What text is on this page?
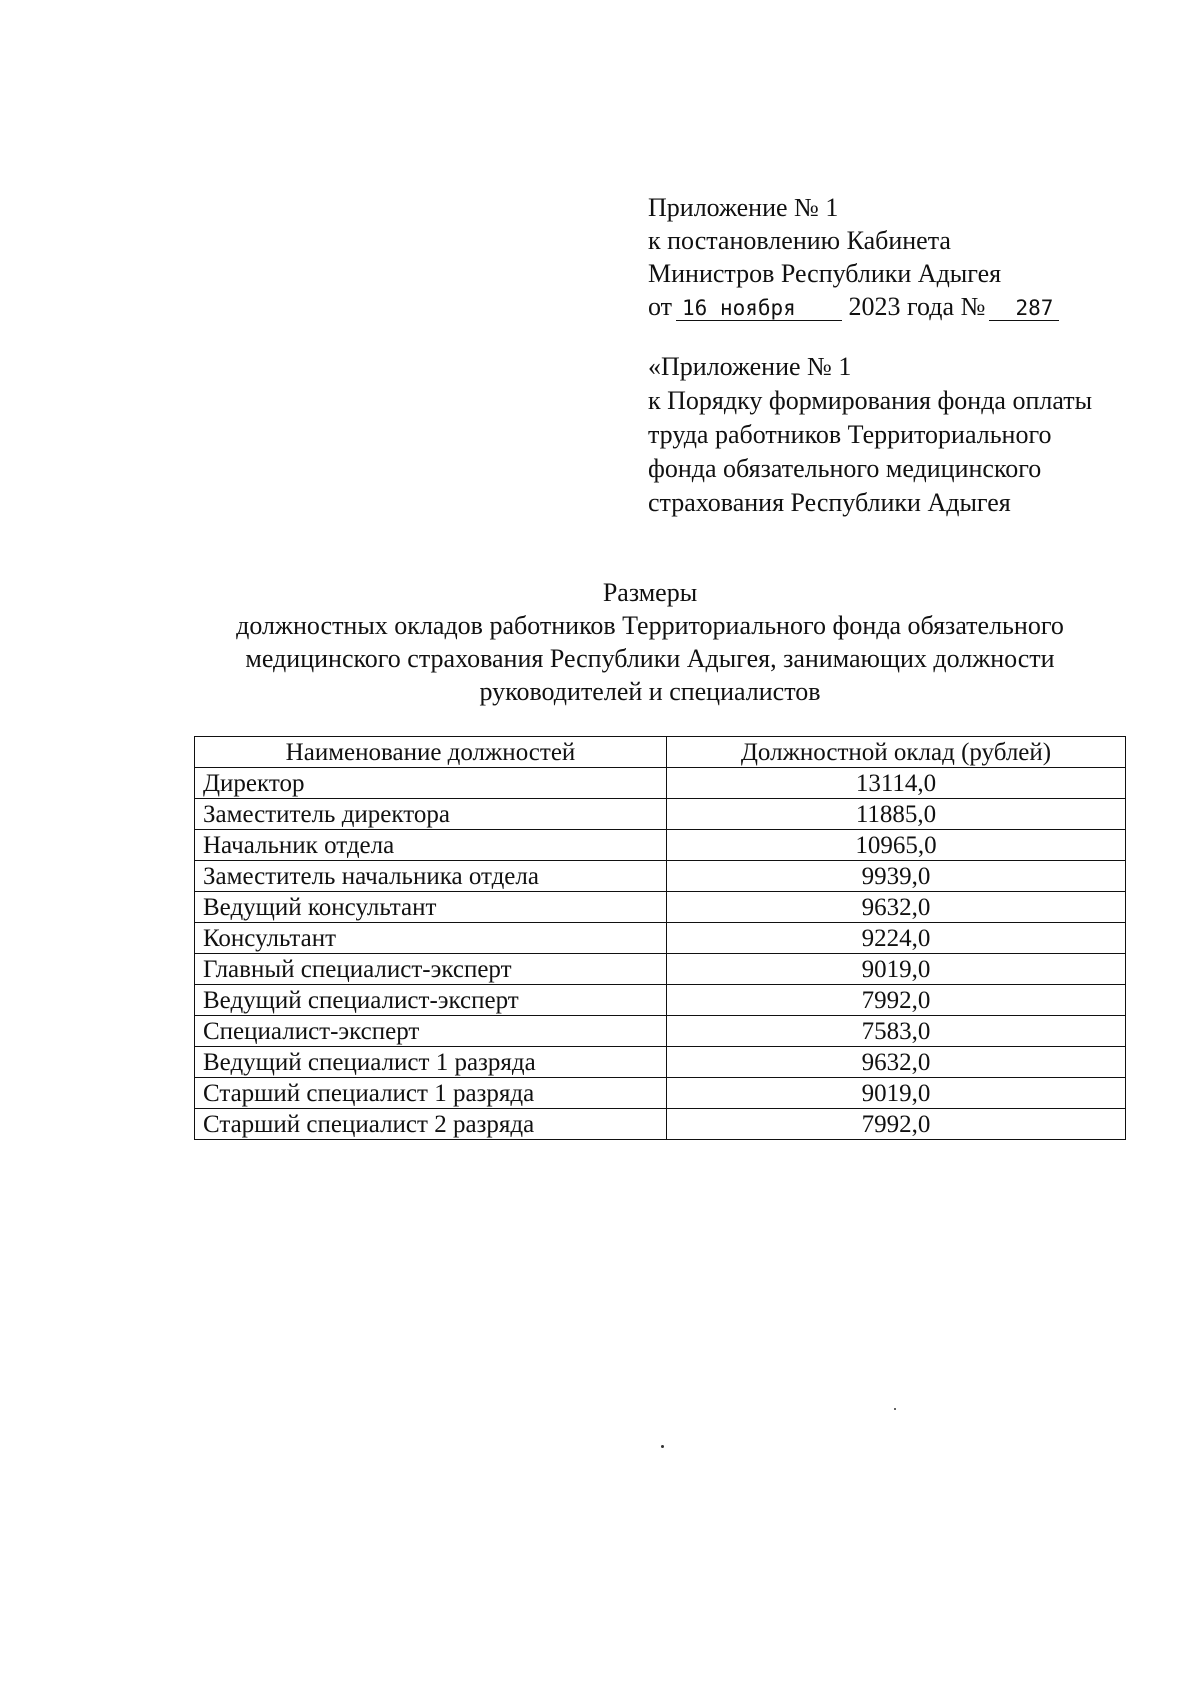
Приложение № 1
к постановлению Кабинета
Министров Республики Адыгея
от 16 ноября 2023 года № 287
«Приложение № 1
к Порядку формирования фонда оплаты
труда работников Территориального
фонда обязательного медицинского
страхования Республики Адыгея
Размеры
должностных окладов работников Территориального фонда обязательного
медицинского страхования Республики Адыгея, занимающих должности
руководителей и специалистов
Наименование должностей	Должностной оклад (рублей)
Директор	13114,0
Заместитель директора	11885,0
Начальник отдела	10965,0
Заместитель начальника отдела	9939,0
Ведущий консультант	9632,0
Консультант	9224,0
Главный специалист-эксперт	9019,0
Ведущий специалист-эксперт	7992,0
Специалист-эксперт	7583,0
Ведущий специалист 1 разряда	9632,0
Старший специалист 1 разряда	9019,0
Старший специалист 2 разряда	7992,0
